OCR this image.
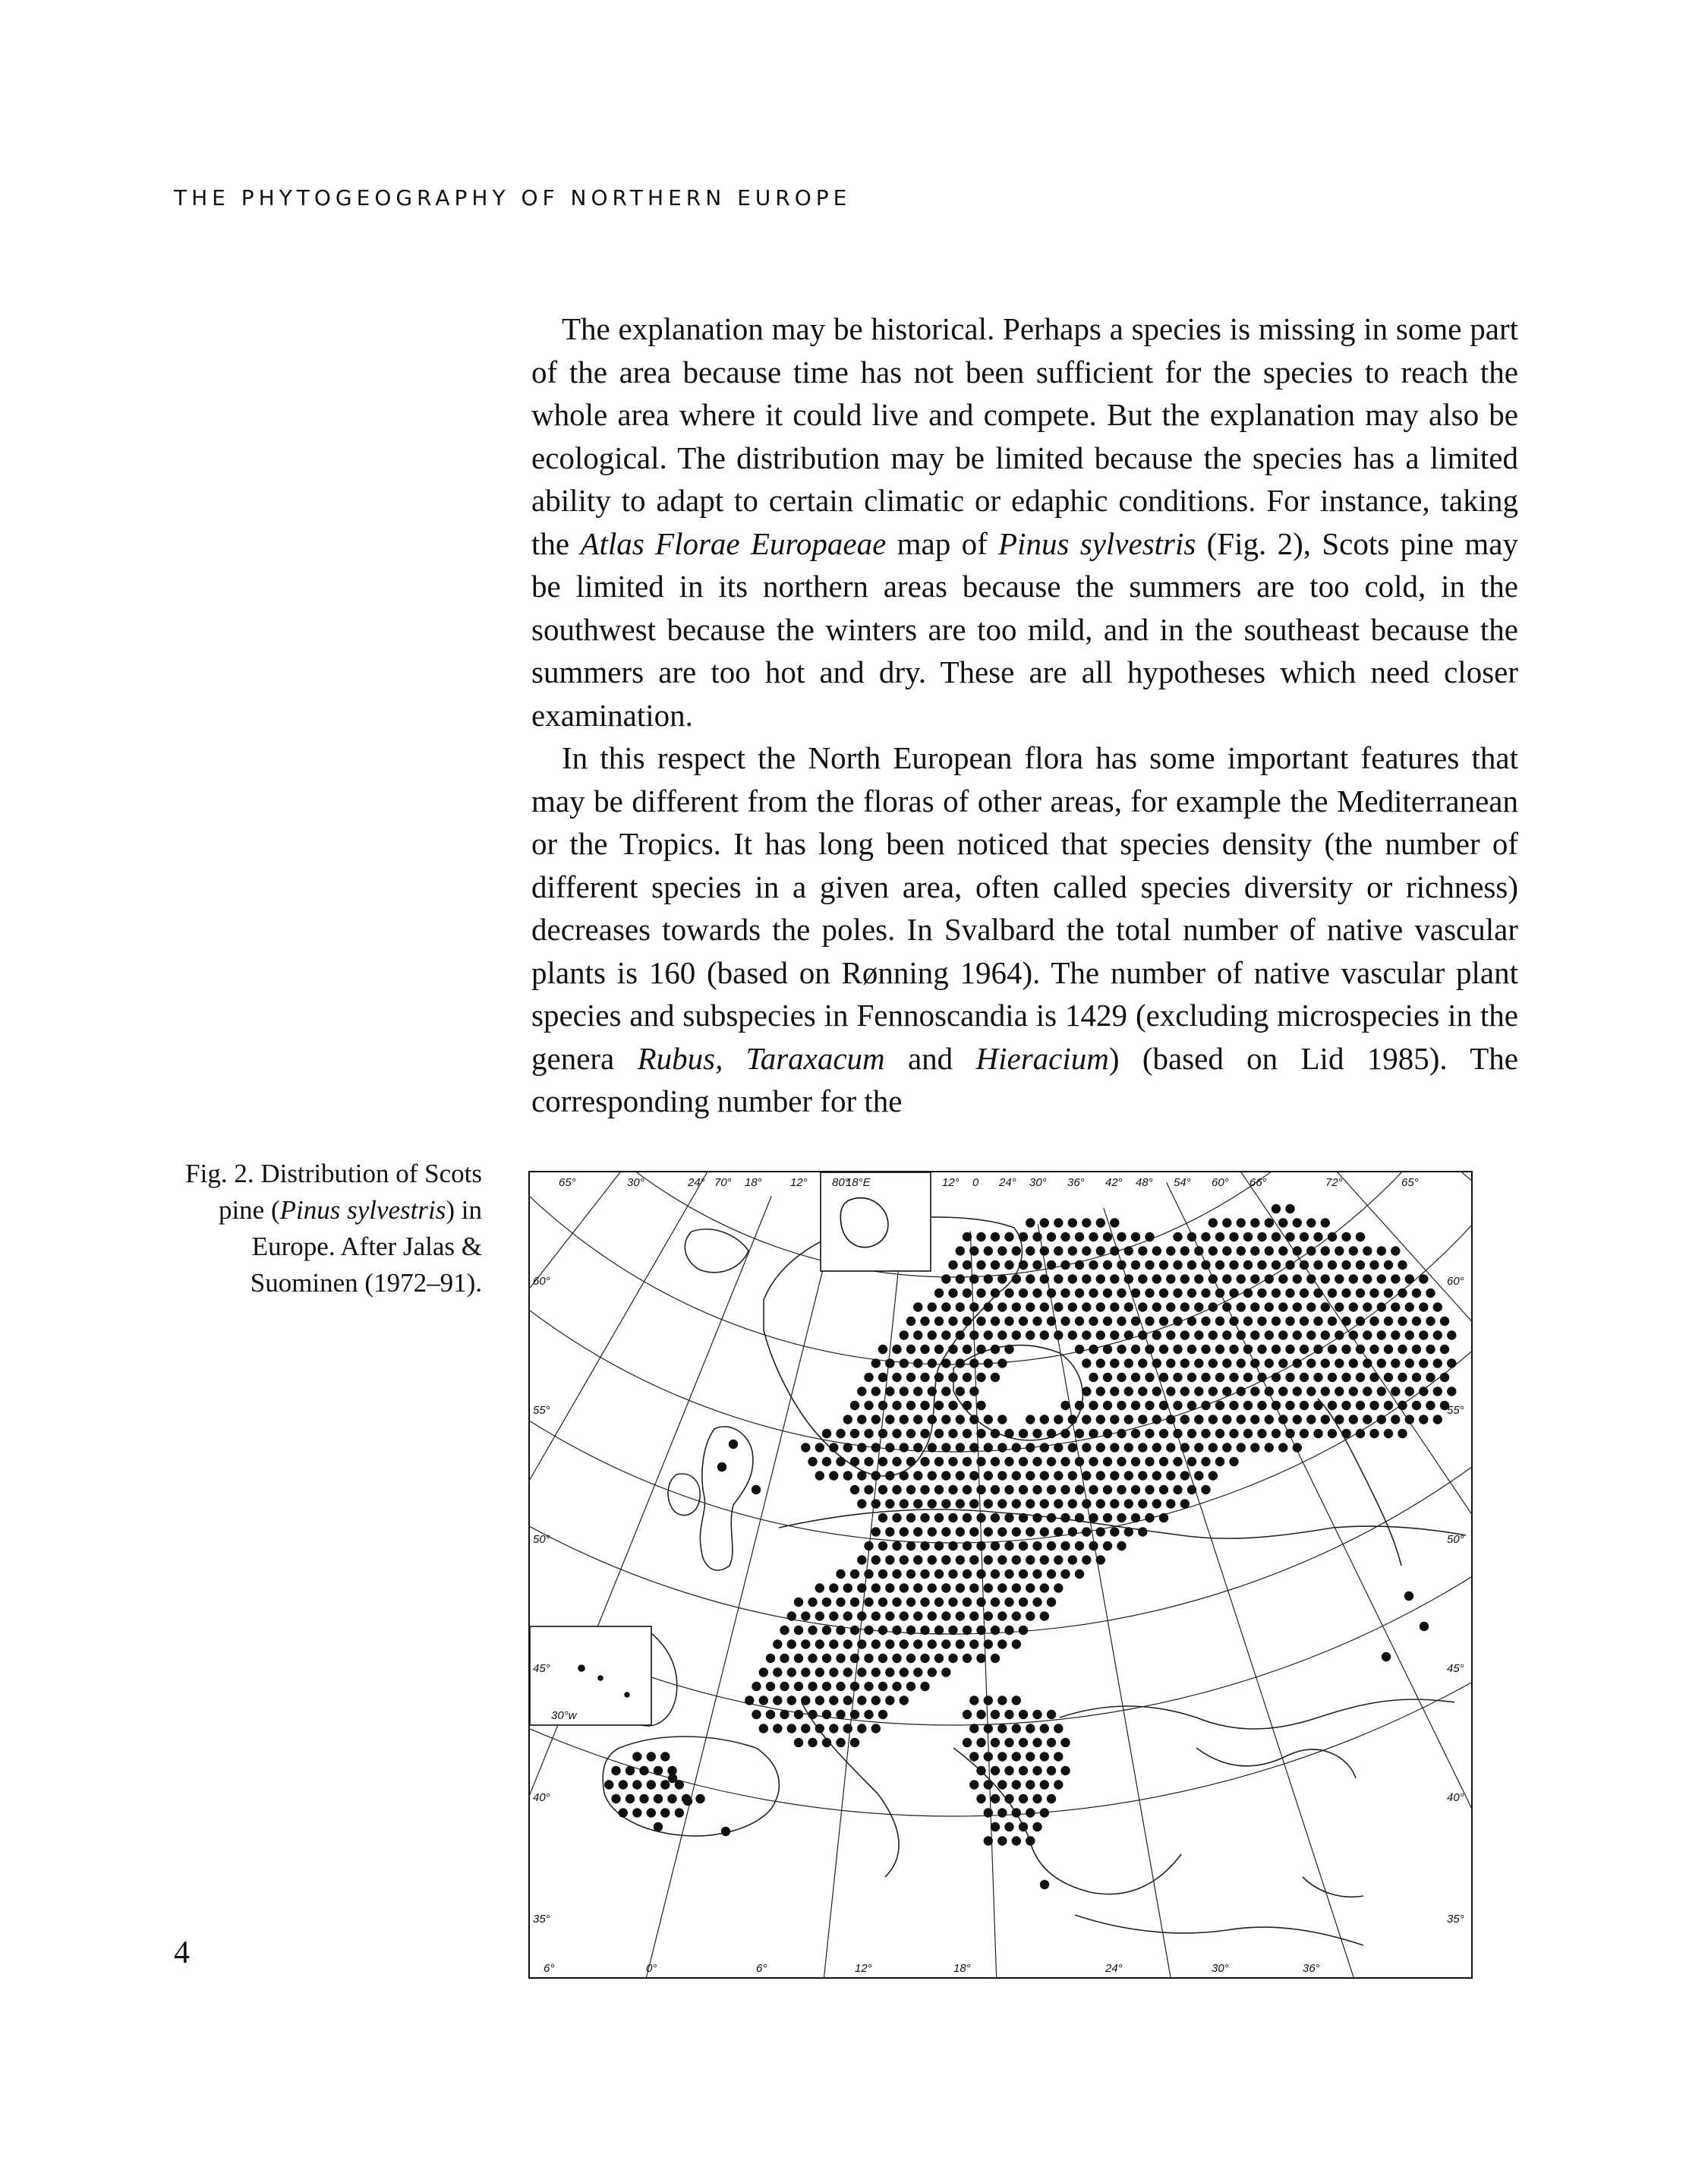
THE PHYTOGEOGRAPHY OF NORTHERN EUROPE

The explanation may be historical. Perhaps a species is missing in some part of the area because time has not been sufficient for the species to reach the whole area where it could live and compete. But the explanation may also be ecological. The distribution may be limited because the species has a limited ability to adapt to certain climatic or edaphic conditions. For instance, taking the Atlas Florae Europaeae map of Pinus sylvestris (Fig. 2), Scots pine may be limited in its northern areas because the summers are too cold, in the southwest because the winters are too mild, and in the southeast because the summers are too hot and dry. These are all hypotheses which need closer examination.

In this respect the North European flora has some important features that may be different from the floras of other areas, for example the Mediterranean or the Tropics. It has long been noticed that species density (the number of different species in a given area, often called species diversity or richness) decreases towards the poles. In Svalbard the total number of native vascular plants is 160 (based on Rønning 1964). The number of native vascular plant species and subspecies in Fennoscandia is 1429 (excluding microspecies in the genera Rubus, Taraxacum and Hieracium) (based on Lid 1985). The corresponding number for the

Fig. 2. Distribution of Scots pine (Pinus sylvestris) in Europe. After Jalas & Suominen (1972–91).
65°	30°	24° 70° 18° 12°	18°E
80°	12° 0 24° 30° 36° 42° 48° 54° 60° 66°	72°	65°
60°
55°
50°
45°
40°
35°
60°
55°
50°
45°
40°
35°
6°	0°	6°	12°	18°	24°	30°	36°
30°w
4
